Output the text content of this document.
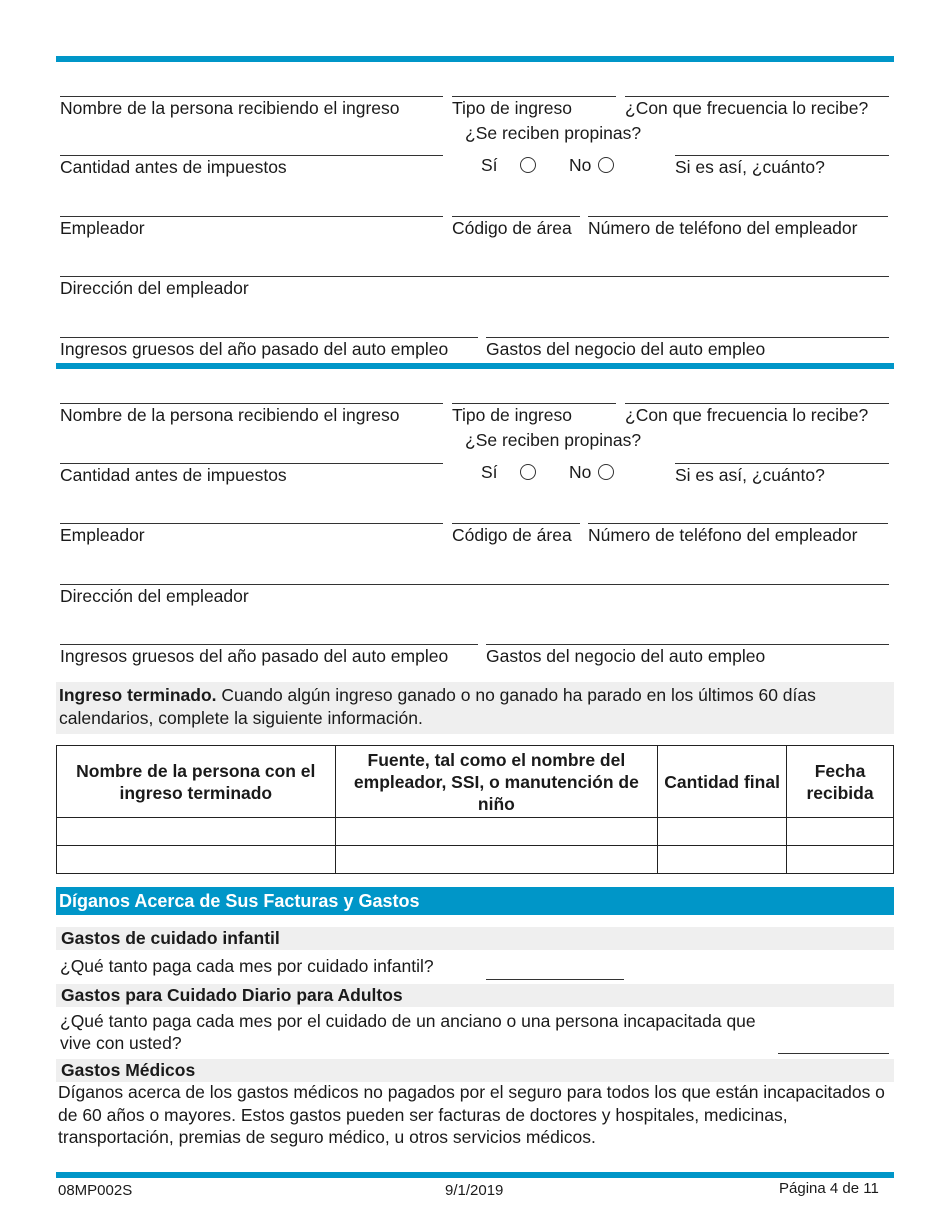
Nombre de la persona recibiendo el ingreso	Tipo de ingreso	¿Con que frecuencia lo recibe?
¿Se reciben propinas?
Cantidad antes de impuestos	Sí	No	Si es así, ¿cuánto?
Empleador	Código de área Número de teléfono del empleador
Dirección del empleador
Ingresos gruesos del año pasado del auto empleo	Gastos del negocio del auto empleo
Nombre de la persona recibiendo el ingreso	Tipo de ingreso	¿Con que frecuencia lo recibe?
¿Se reciben propinas?
Cantidad antes de impuestos	Sí	No	Si es así, ¿cuánto?
Empleador	Código de área Número de teléfono del empleador
Dirección del empleador
Ingresos gruesos del año pasado del auto empleo	Gastos del negocio del auto empleo
Ingreso terminado. Cuando algún ingreso ganado o no ganado ha parado en los últimos 60 días calendarios, complete la siguiente información.
Nombre de la persona con el ingreso terminado	Fuente, tal como el nombre del empleador, SSI, o manutención de niño	Cantidad final	Fecha recibida

Díganos Acerca de Sus Facturas y Gastos
Gastos de cuidado infantil
¿Qué tanto paga cada mes por cuidado infantil?
Gastos para Cuidado Diario para Adultos
¿Qué tanto paga cada mes por el cuidado de un anciano o una persona incapacitada que vive con usted?
Gastos Médicos
Díganos acerca de los gastos médicos no pagados por el seguro para todos los que están incapacitados o de 60 años o mayores. Estos gastos pueden ser facturas de doctores y hospitales, medicinas, transportación, premias de seguro médico, u otros servicios médicos.
08MP002S	9/1/2019	Página 4 de 11
